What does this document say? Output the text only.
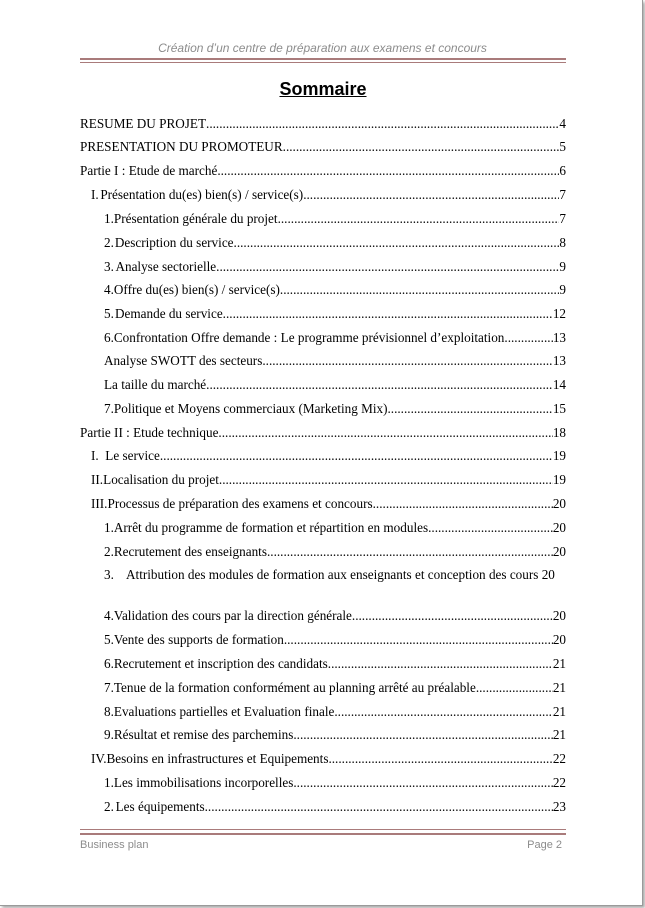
Création d’un centre de préparation aux examens et concours
Sommaire
RESUME DU PROJET .....	4
PRESENTATION DU PROMOTEUR .....	5
Partie I : Etude de marché .....	6
I. Présentation du(es) bien(s) / service(s) .....	7
1. Présentation générale du projet .....	7
2. Description du service .....	8
3. Analyse sectorielle .....	9
4. Offre du(es) bien(s) / service(s) .....	9
5. Demande du service .....	12
6. Confrontation Offre demande : Le programme prévisionnel d’exploitation .....	13
Analyse SWOTT des secteurs .....	13
La taille du marché .....	14
7. Politique et Moyens commerciaux (Marketing Mix) .....	15
Partie II : Etude technique .....	18
I. Le service .....	19
II. Localisation du projet .....	19
III. Processus de préparation des examens et concours .....	20
1. Arrêt du programme de formation et répartition en modules .....	20
2. Recrutement des enseignants .....	20
3. Attribution des modules de formation aux enseignants et conception des cours 20
4. Validation des cours par la direction générale .....	20
5. Vente des supports de formation .....	20
6. Recrutement et inscription des candidats .....	21
7. Tenue de la formation conformément au planning arrêté au préalable .....	21
8. Evaluations partielles et Evaluation finale .....	21
9. Résultat et remise des parchemins .....	21
IV. Besoins en infrastructures et Equipements .....	22
1. Les immobilisations incorporelles .....	22
2. Les équipements .....	23
Business plan	Page 2
